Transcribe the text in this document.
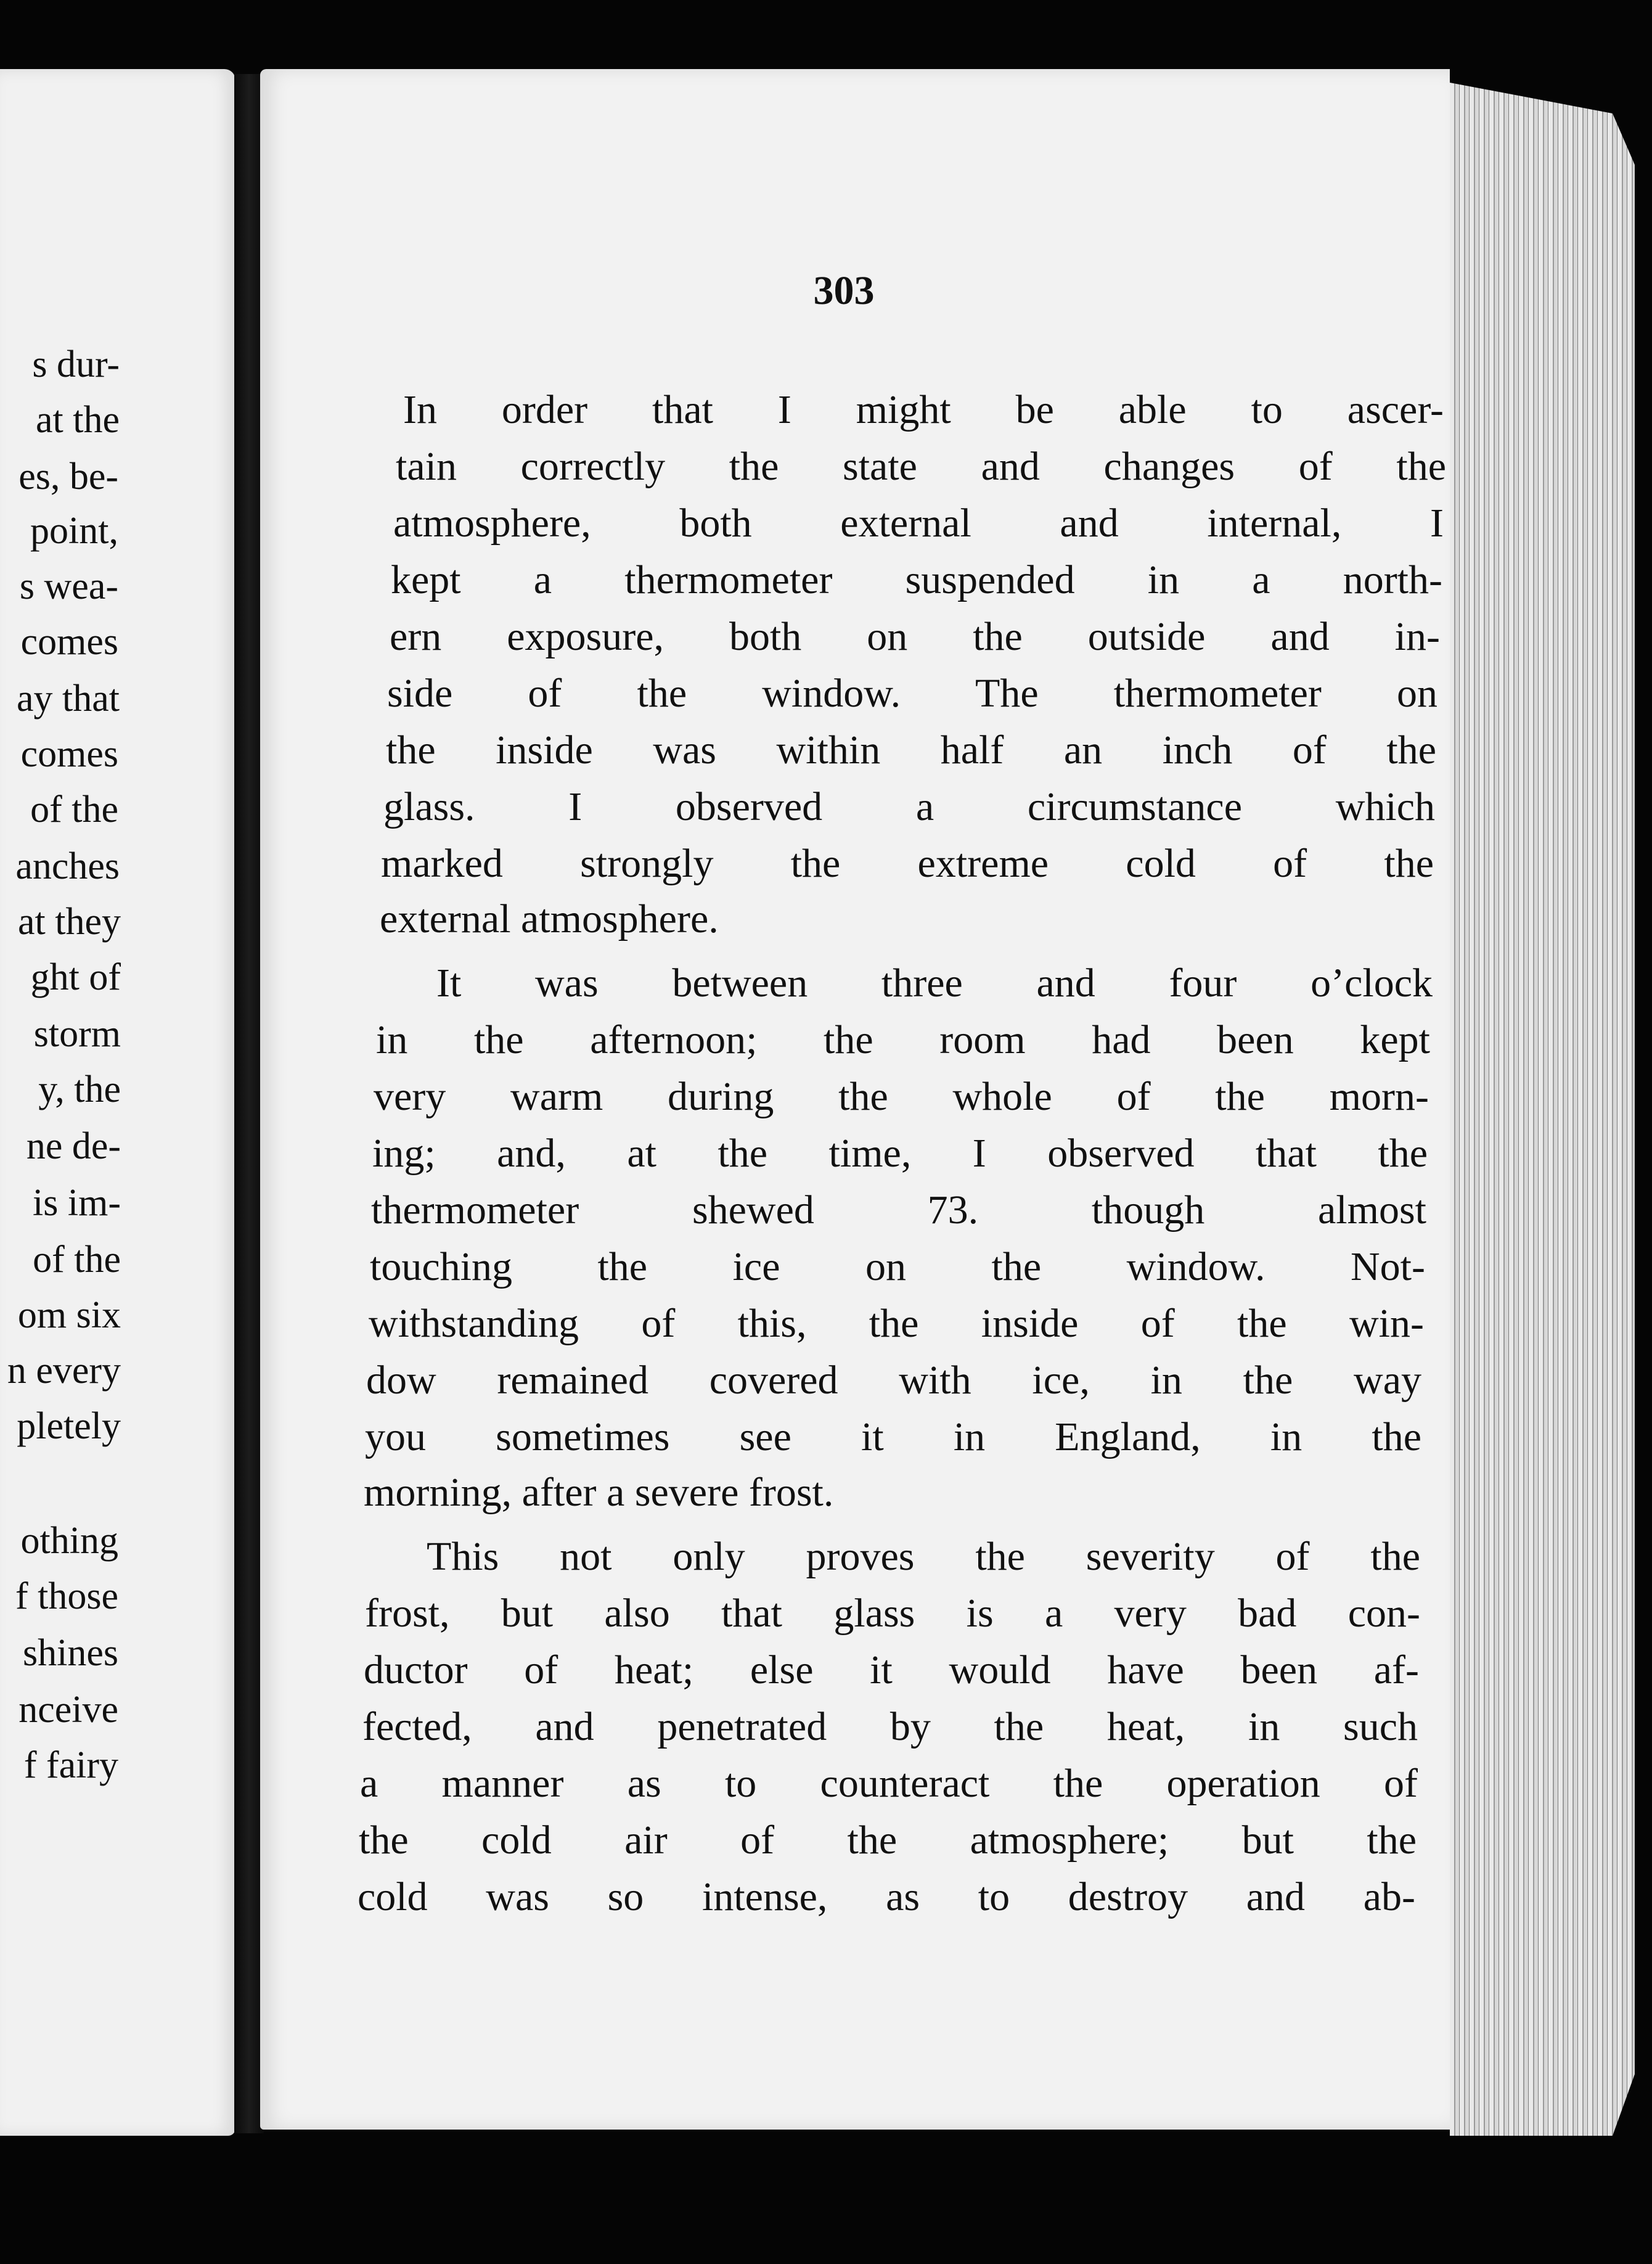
s dur-
at the
es, be-
point,
s wea-
comes
ay that
comes
of the
anches
at they
ght of
storm
y, the
ne de-
is im-
of the
om six
n every
pletely
othing
f those
shines
nceive
f fairy
303
In order that I might be able to ascer-
tain correctly the state and changes of the
atmosphere, both external and internal, I
kept a thermometer suspended in a north-
ern exposure, both on the outside and in-
side of the window. The thermometer on
the inside was within half an inch of the
glass. I observed a circumstance which
marked strongly the extreme cold of the
external atmosphere.
It was between three and four o’clock
in the afternoon; the room had been kept
very warm during the whole of the morn-
ing; and, at the time, I observed that the
thermometer shewed 73. though almost
touching the ice on the window. Not-
withstanding of this, the inside of the win-
dow remained covered with ice, in the way
you sometimes see it in England, in the
morning, after a severe frost.
This not only proves the severity of the
frost, but also that glass is a very bad con-
ductor of heat; else it would have been af-
fected, and penetrated by the heat, in such
a manner as to counteract the operation of
the cold air of the atmosphere; but the
cold was so intense, as to destroy and ab-
